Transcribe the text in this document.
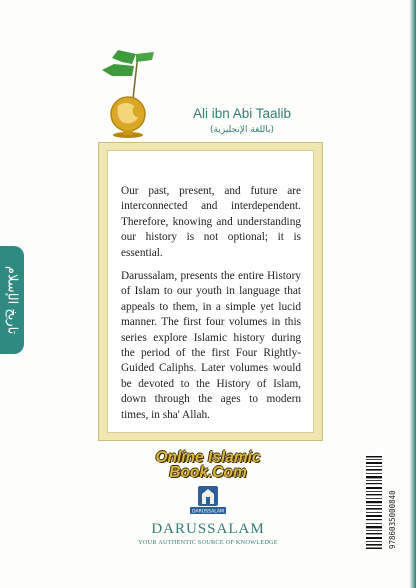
تاريخ الإسلام
Ali ibn Abi Taalib
(باللغة الإنجليزية)

Our past, present, and future are interconnected and interdependent. Therefore, knowing and understanding our history is not optional; it is essential.

Darussalam, presents the entire History of Islam to our youth in language that appeals to them, in a simple yet lucid manner. The first four volumes in this series explore Islamic history during the period of the first Four Rightly-Guided Caliphs. Later volumes would be devoted to the History of Islam, down through the ages to modern times, in sha' Allah.

Online Islamic
Book.Com
DARUSSALAM
DARUSSALAM
YOUR AUTHENTIC SOURCE OF KNOWLEDGE	9786035000840
